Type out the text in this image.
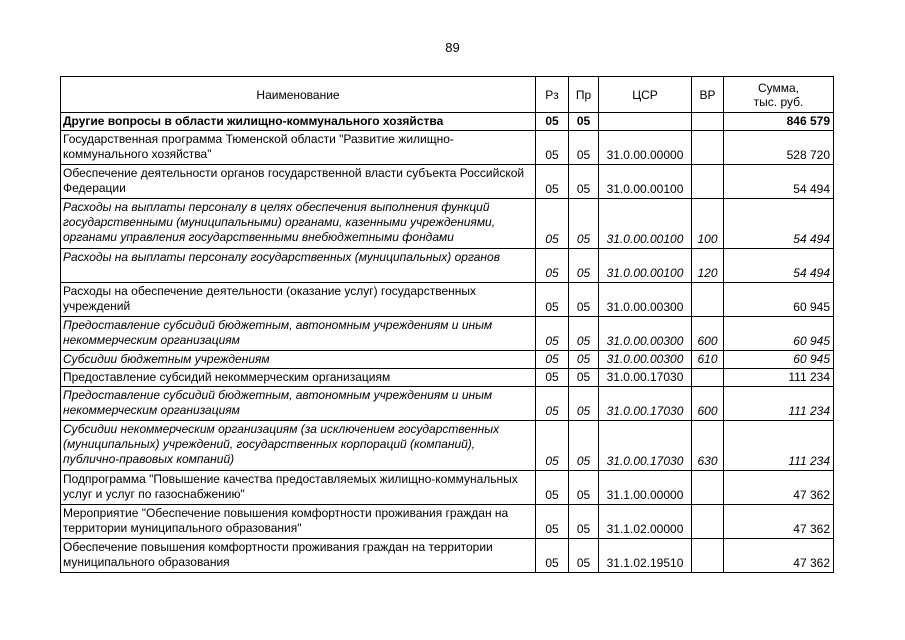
89
Наименование	Рз	Пр	ЦСР	ВР	Сумма,
тыс. руб.

Другие вопросы в области жилищно-коммунального хозяйства	05	05			846 579
Государственная программа Тюменской области "Развитие жилищно-коммунального хозяйства"	05	05	31.0.00.00000		528 720
Обеспечение деятельности органов государственной власти субъекта Российской Федерации	05	05	31.0.00.00100		54 494
Расходы на выплаты персоналу в целях обеспечения выполнения функций государственными (муниципальными) органами, казенными учреждениями, органами управления государственными внебюджетными фондами	05	05	31.0.00.00100	100	54 494
Расходы на выплаты персоналу государственных (муниципальных) органов	05	05	31.0.00.00100	120	54 494
Расходы на обеспечение деятельности (оказание услуг) государственных учреждений	05	05	31.0.00.00300		60 945
Предоставление субсидий бюджетным, автономным учреждениям и иным некоммерческим организациям	05	05	31.0.00.00300	600	60 945
Субсидии бюджетным учреждениям	05	05	31.0.00.00300	610	60 945
Предоставление субсидий некоммерческим организациям	05	05	31.0.00.17030		111 234
Предоставление субсидий бюджетным, автономным учреждениям и иным некоммерческим организациям	05	05	31.0.00.17030	600	111 234
Субсидии некоммерческим организациям (за исключением государственных (муниципальных) учреждений, государственных корпораций (компаний), публично-правовых компаний)	05	05	31.0.00.17030	630	111 234
Подпрограмма "Повышение качества предоставляемых жилищно-коммунальных услуг и услуг по газоснабжению"	05	05	31.1.00.00000		47 362
Мероприятие "Обеспечение повышения комфортности проживания граждан на территории муниципального образования"	05	05	31.1.02.00000		47 362
Обеспечение повышения комфортности проживания граждан на территории муниципального образования	05	05	31.1.02.19510		47 362
